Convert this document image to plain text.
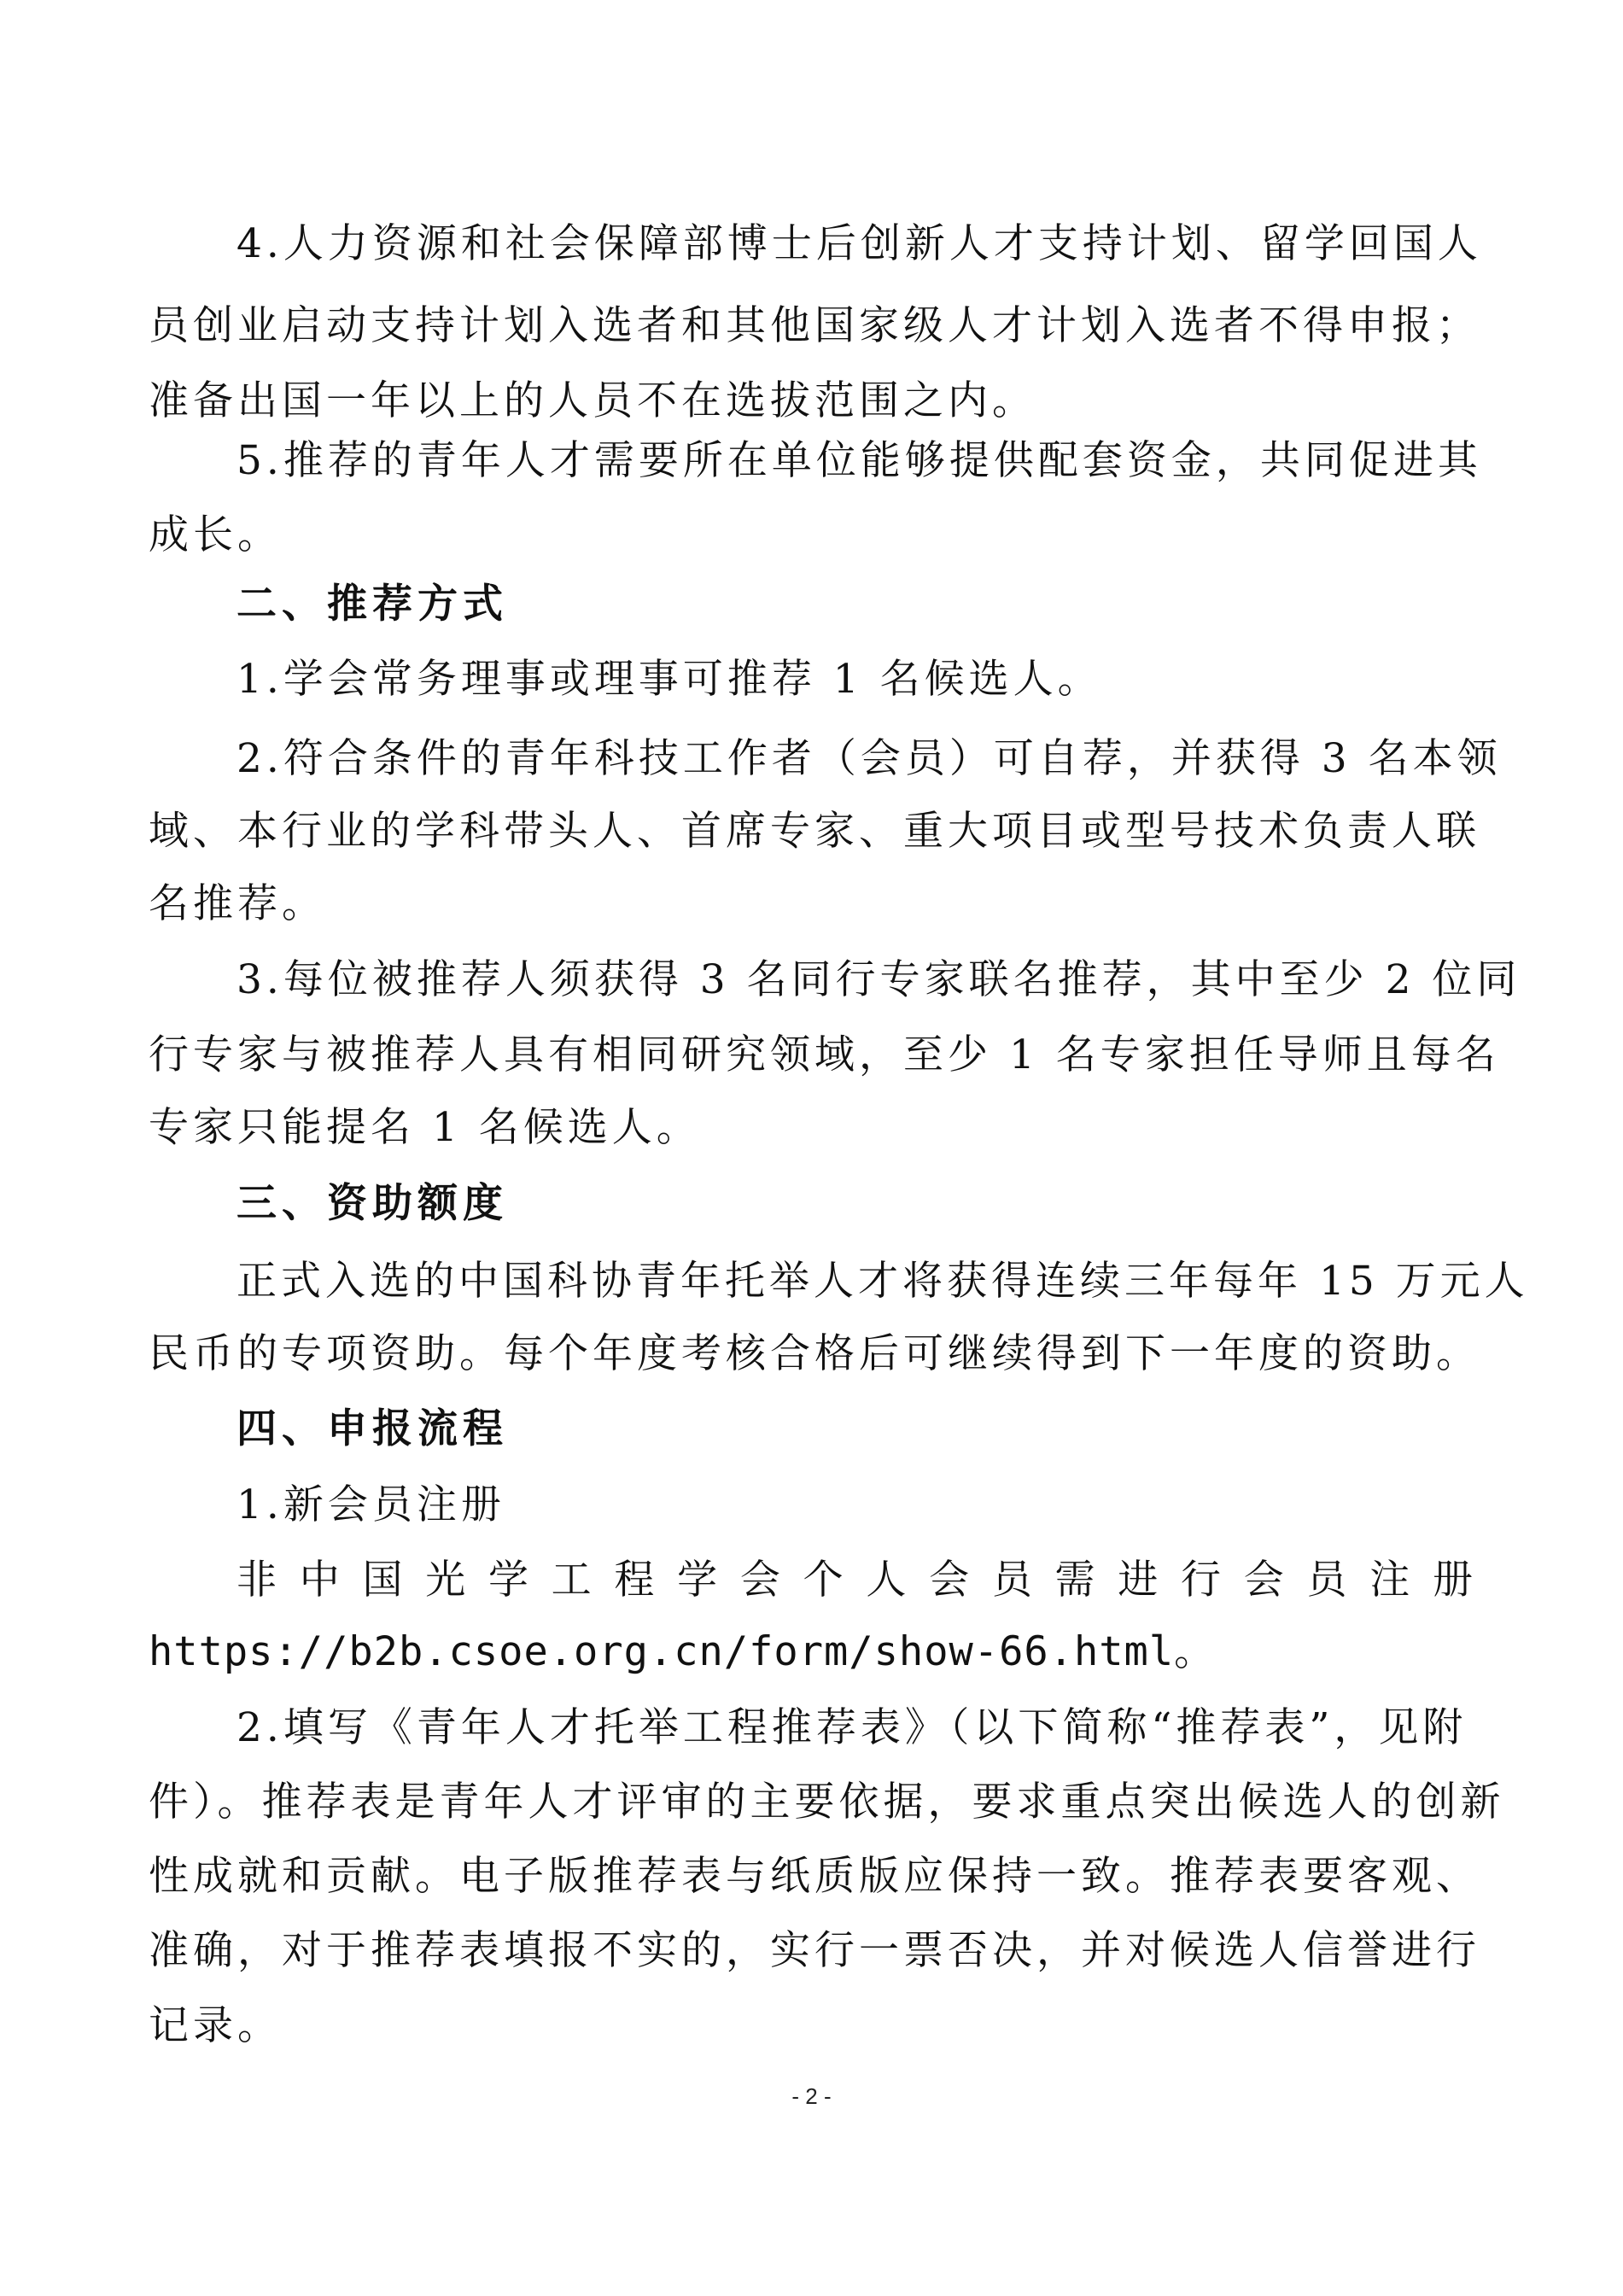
4.人力资源和社会保障部博士后创新人才支持计划、留学回国人
员创业启动支持计划入选者和其他国家级人才计划入选者不得申报；
准备出国一年以上的人员不在选拔范围之内。
5.推荐的青年人才需要所在单位能够提供配套资金，共同促进其
成长。
二、推荐方式
1.学会常务理事或理事可推荐 1 名候选人。
2.符合条件的青年科技工作者（会员）可自荐，并获得 3 名本领
域、本行业的学科带头人、首席专家、重大项目或型号技术负责人联
名推荐。
3.每位被推荐人须获得 3 名同行专家联名推荐，其中至少 2 位同
行专家与被推荐人具有相同研究领域，至少 1 名专家担任导师且每名
专家只能提名 1 名候选人。
三、资助额度
正式入选的中国科协青年托举人才将获得连续三年每年 15 万元人
民币的专项资助。每个年度考核合格后可继续得到下一年度的资助。
四、申报流程
1.新会员注册
非 中 国 光 学 工 程 学 会 个 人 会 员 需 进 行 会 员 注 册
https://b2b.csoe.org.cn/form/show-66.html。
2.填写《青年人才托举工程推荐表》（以下简称“推荐表”，见附
件）。推荐表是青年人才评审的主要依据，要求重点突出候选人的创新
性成就和贡献。电子版推荐表与纸质版应保持一致。推荐表要客观、
准确，对于推荐表填报不实的，实行一票否决，并对候选人信誉进行
记录。
- 2 -
